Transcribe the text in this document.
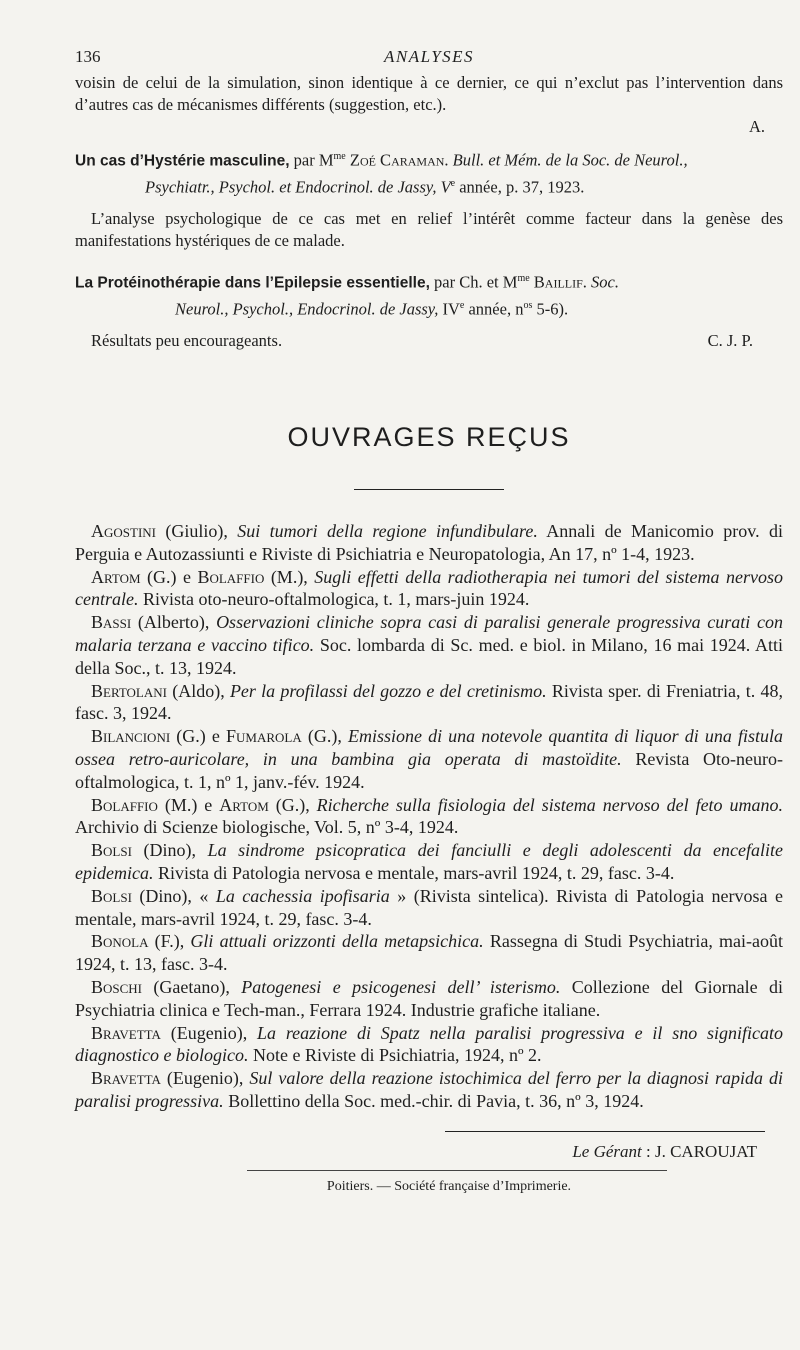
136	ANALYSES

voisin de celui de la simulation, sinon identique à ce dernier, ce qui n’exclut pas l’intervention dans d’autres cas de mécanismes différents (suggestion, etc.).

A.

Un cas d’Hystérie masculine, par $M^{me}$ Zoé Caraman. Bull. et Mém. de la Soc. de Neurol.,

Psychiatr., Psychol. et Endocrinol. de Jassy, Ve année, p. 37, 1923.

L’analyse psychologique de ce cas met en relief l’intérêt comme facteur dans la genèse des manifestations hystériques de ce malade.

La Protéinothérapie dans l’Epilepsie essentielle, par Ch. et $M^{me}$ Baillif. Soc.

Neurol., Psychol., Endocrinol. de Jassy, IVe année, $n^{os}$ 5-6).

Résultats peu encourageants.	C. J. P.
OUVRAGES REÇUS

Agostini (Giulio), Sui tumori della regione infundibulare. Annali de Manicomio prov. di Perguia e Autozassiunti e Riviste di Psichiatria e Neuropatologia, An 17, nº 1-4, 1923.

Artom (G.) e Bolaffio (M.), Sugli effetti della radiotherapia nei tumori del sistema nervoso centrale. Rivista oto-neuro-oftalmologica, t. 1, mars-juin 1924.

Bassi (Alberto), Osservazioni cliniche sopra casi di paralisi generale progressiva curati con malaria terzana e vaccino tifico. Soc. lombarda di Sc. med. e biol. in Milano, 16 mai 1924. Atti della Soc., t. 13, 1924.

Bertolani (Aldo), Per la profilassi del gozzo e del cretinismo. Rivista sper. di Freniatria, t. 48, fasc. 3, 1924.

Bilancioni (G.) e Fumarola (G.), Emissione di una notevole quantita di liquor di una fistula ossea retro-auricolare, in una bambina gia operata di mastoïdite. Revista Oto-neuro-oftalmologica, t. 1, nº 1, janv.-fév. 1924.

Bolaffio (M.) e Artom (G.), Richerche sulla fisiologia del sistema nervoso del feto umano. Archivio di Scienze biologische, Vol. 5, nº 3-4, 1924.

Bolsi (Dino), La sindrome psicopratica dei fanciulli e degli adolescenti da encefalite epidemica. Rivista di Patologia nervosa e mentale, mars-avril 1924, t. 29, fasc. 3-4.

Bolsi (Dino), « La cachessia ipofisaria » (Rivista sintelica). Rivista di Patologia nervosa e mentale, mars-avril 1924, t. 29, fasc. 3-4.

Bonola (F.), Gli attuali orizzonti della metapsichica. Rassegna di Studi Psychiatria, mai-août 1924, t. 13, fasc. 3-4.

Boschi (Gaetano), Patogenesi e psicogenesi dell’ isterismo. Collezione del Giornale di Psychiatria clinica e Tech-man., Ferrara 1924. Industrie grafiche italiane.

Bravetta (Eugenio), La reazione di Spatz nella paralisi progressiva e il sno significato diagnostico e biologico. Note e Riviste di Psichiatria, 1924, nº 2.

Bravetta (Eugenio), Sul valore della reazione istochimica del ferro per la diagnosi rapida di paralisi progressiva. Bollettino della Soc. med.-chir. di Pavia, t. 36, nº 3, 1924.

Le Gérant : J. CAROUJAT
Poitiers. — Société française d’Imprimerie.
